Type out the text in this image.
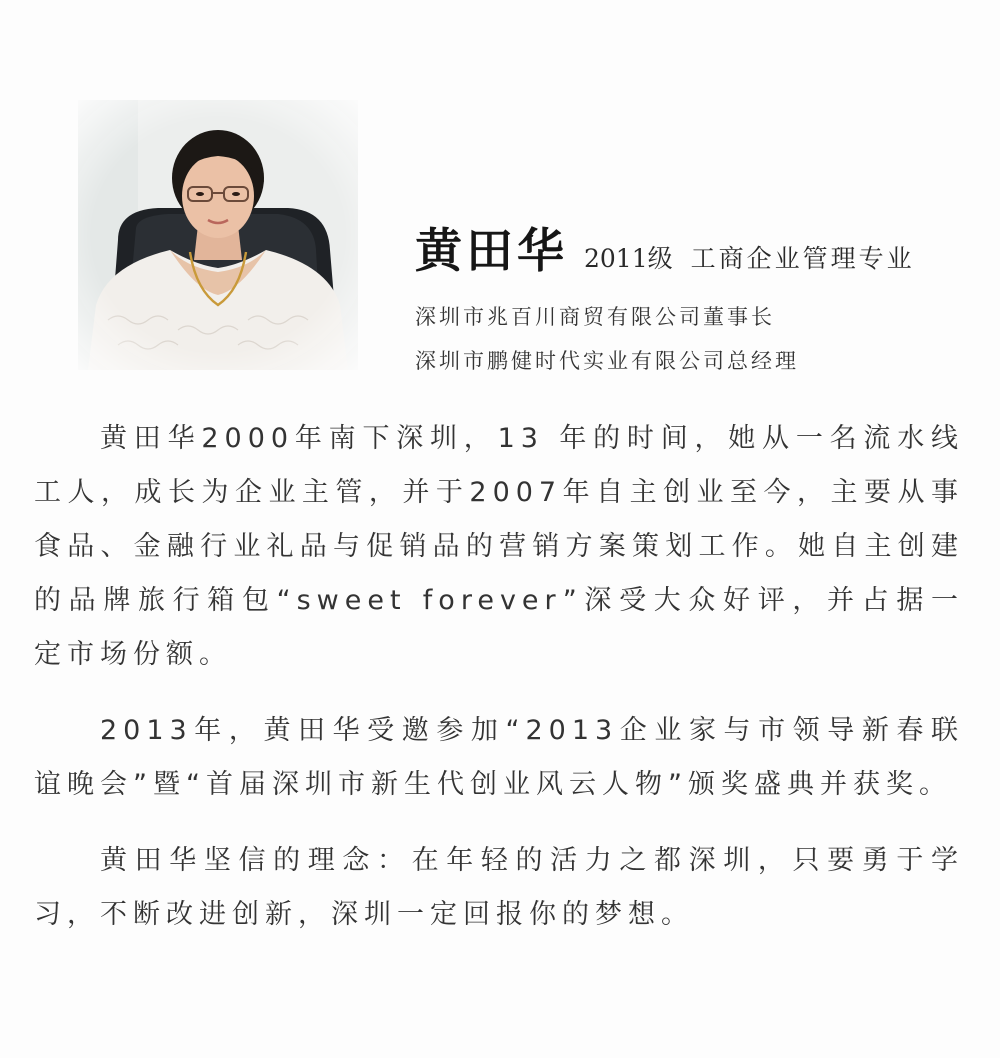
黄田华 2011级 工商企业管理专业
深圳市兆百川商贸有限公司董事长
深圳市鹏健时代实业有限公司总经理

黄田华2000年南下深圳，13 年的时间，她从一名流水线工人，成长为企业主管，并于2007年自主创业至今，主要从事食品、金融行业礼品与促销品的营销方案策划工作。她自主创建的品牌旅行箱包“sweet forever”深受大众好评，并占据一定市场份额。

2013年，黄田华受邀参加“2013企业家与市领导新春联谊晚会”暨“首届深圳市新生代创业风云人物”颁奖盛典并获奖。

黄田华坚信的理念：在年轻的活力之都深圳，只要勇于学习，不断改进创新，深圳一定回报你的梦想。
